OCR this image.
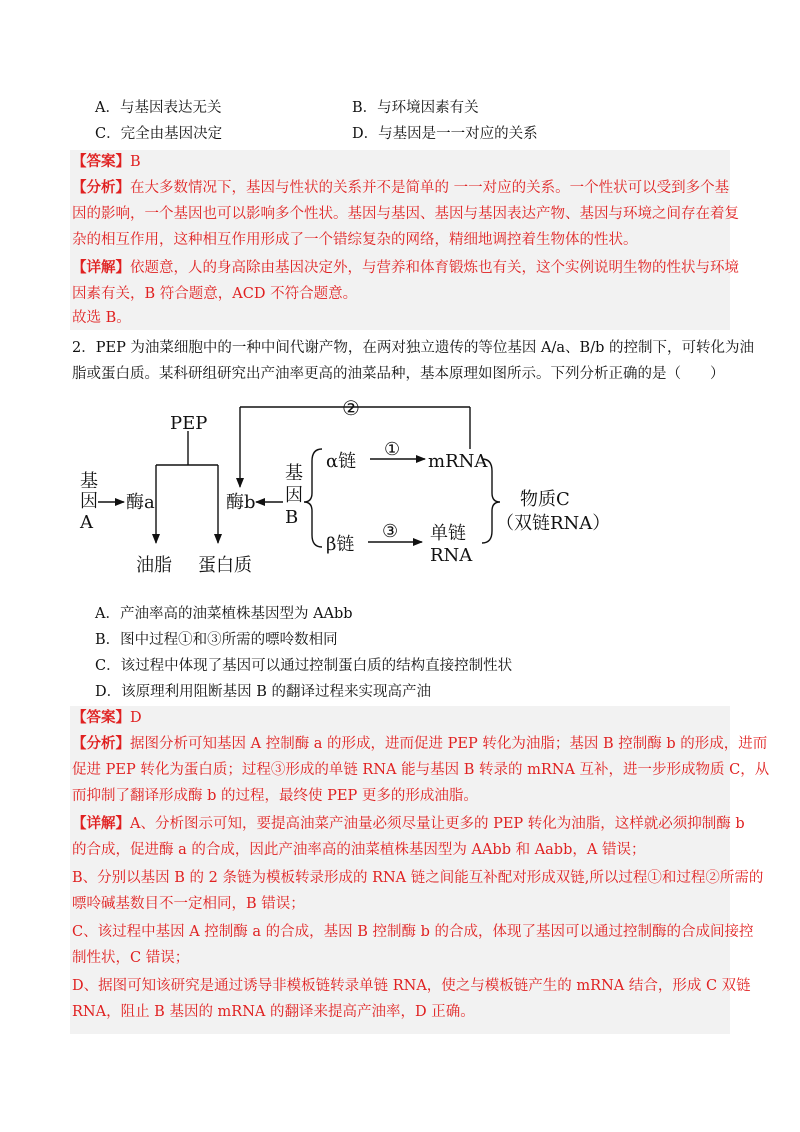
A．与基因表达无关	B．与环境因素有关
C．完全由基因决定	D．与基因是一一对应的关系
【答案】B
【分析】在大多数情况下，基因与性状的关系并不是简单的 一一对应的关系。一个性状可以受到多个基
因的影响，一个基因也可以影响多个性状。基因与基因、基因与基因表达产物、基因与环境之间存在着复
杂的相互作用，这种相互作用形成了一个错综复杂的网络，精细地调控着生物体的性状。
【详解】依题意，人的身高除由基因决定外，与营养和体育锻炼也有关，这个实例说明生物的性状与环境
因素有关，B 符合题意，ACD 不符合题意。
故选 B。
2．PEP 为油菜细胞中的一种中间代谢产物，在两对独立遗传的等位基因 A/a、B/b 的控制下，可转化为油
脂或蛋白质。某科研组研究出产油率更高的油菜品种，基本原理如图所示。下列分析正确的是（　　）
PEP
基
因
A
酶a	酶b
基
因
B
α链
β链
①
②
③
mRNA
单链
RNA
物质C
（双链RNA）
油脂 蛋白质
A．产油率高的油菜植株基因型为 AAbb
B．图中过程①和③所需的嘌呤数相同
C．该过程中体现了基因可以通过控制蛋白质的结构直接控制性状
D．该原理利用阻断基因 B 的翻译过程来实现高产油
【答案】D
【分析】据图分析可知基因 A 控制酶 a 的形成，进而促进 PEP 转化为油脂；基因 B 控制酶 b 的形成，进而
促进 PEP 转化为蛋白质；过程③形成的单链 RNA 能与基因 B 转录的 mRNA 互补，进一步形成物质 C，从
而抑制了翻译形成酶 b 的过程，最终使 PEP 更多的形成油脂。
【详解】A、分析图示可知，要提高油菜产油量必须尽量让更多的 PEP 转化为油脂，这样就必须抑制酶 b
的合成，促进酶 a 的合成，因此产油率高的油菜植株基因型为 AAbb 和 Aabb，A 错误；
B、分别以基因 B 的 2 条链为模板转录形成的 RNA 链之间能互补配对形成双链,所以过程①和过程②所需的
嘌呤碱基数目不一定相同，B 错误；
C、该过程中基因 A 控制酶 a 的合成，基因 B 控制酶 b 的合成，体现了基因可以通过控制酶的合成间接控
制性状，C 错误；
D、据图可知该研究是通过诱导非模板链转录单链 RNA，使之与模板链产生的 mRNA 结合，形成 C 双链
RNA，阻止 B 基因的 mRNA 的翻译来提高产油率，D 正确。
